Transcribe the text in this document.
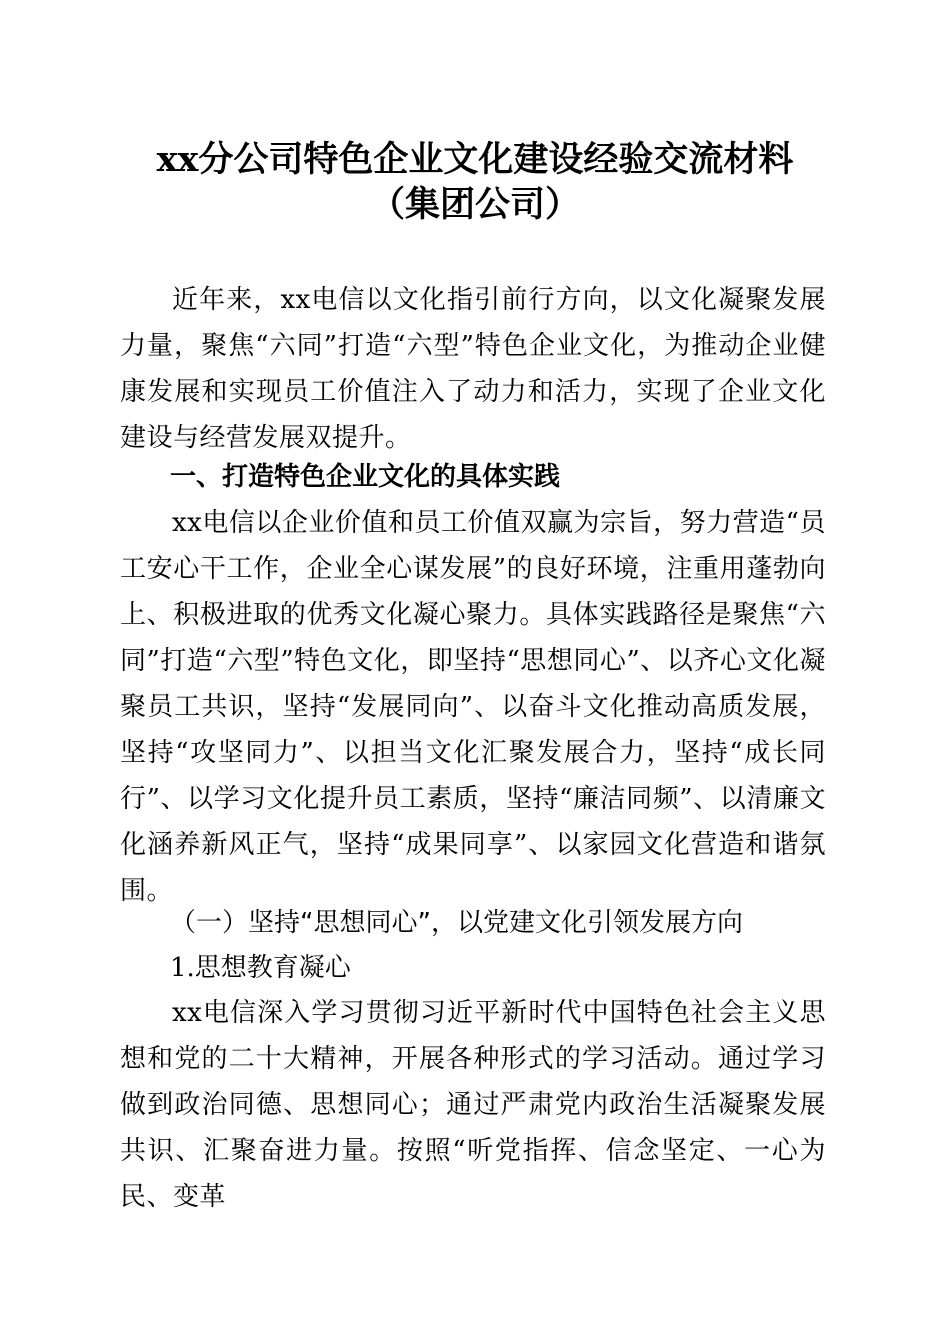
xx分公司特色企业文化建设经验交流材料
（集团公司）
近年来，xx电信以文化指引前行方向，以文化凝聚发展力量，聚焦“六同”打造“六型”特色企业文化，为推动企业健康发展和实现员工价值注入了动力和活力，实现了企业文化建设与经营发展双提升。
一、打造特色企业文化的具体实践
xx电信以企业价值和员工价值双赢为宗旨，努力营造“员工安心干工作，企业全心谋发展”的良好环境，注重用蓬勃向上、积极进取的优秀文化凝心聚力。具体实践路径是聚焦“六同”打造“六型”特色文化，即坚持“思想同心”、以齐心文化凝聚员工共识，坚持“发展同向”、以奋斗文化推动高质发展，坚持“攻坚同力”、以担当文化汇聚发展合力，坚持“成长同行”、以学习文化提升员工素质，坚持“廉洁同频”、以清廉文化涵养新风正气，坚持“成果同享”、以家园文化营造和谐氛围。
（一）坚持“思想同心”，以党建文化引领发展方向
1.思想教育凝心
xx电信深入学习贯彻习近平新时代中国特色社会主义思想和党的二十大精神，开展各种形式的学习活动。通过学习做到政治同德、思想同心；通过严肃党内政治生活凝聚发展共识、汇聚奋进力量。按照“听党指挥、信念坚定、一心为民、变革
